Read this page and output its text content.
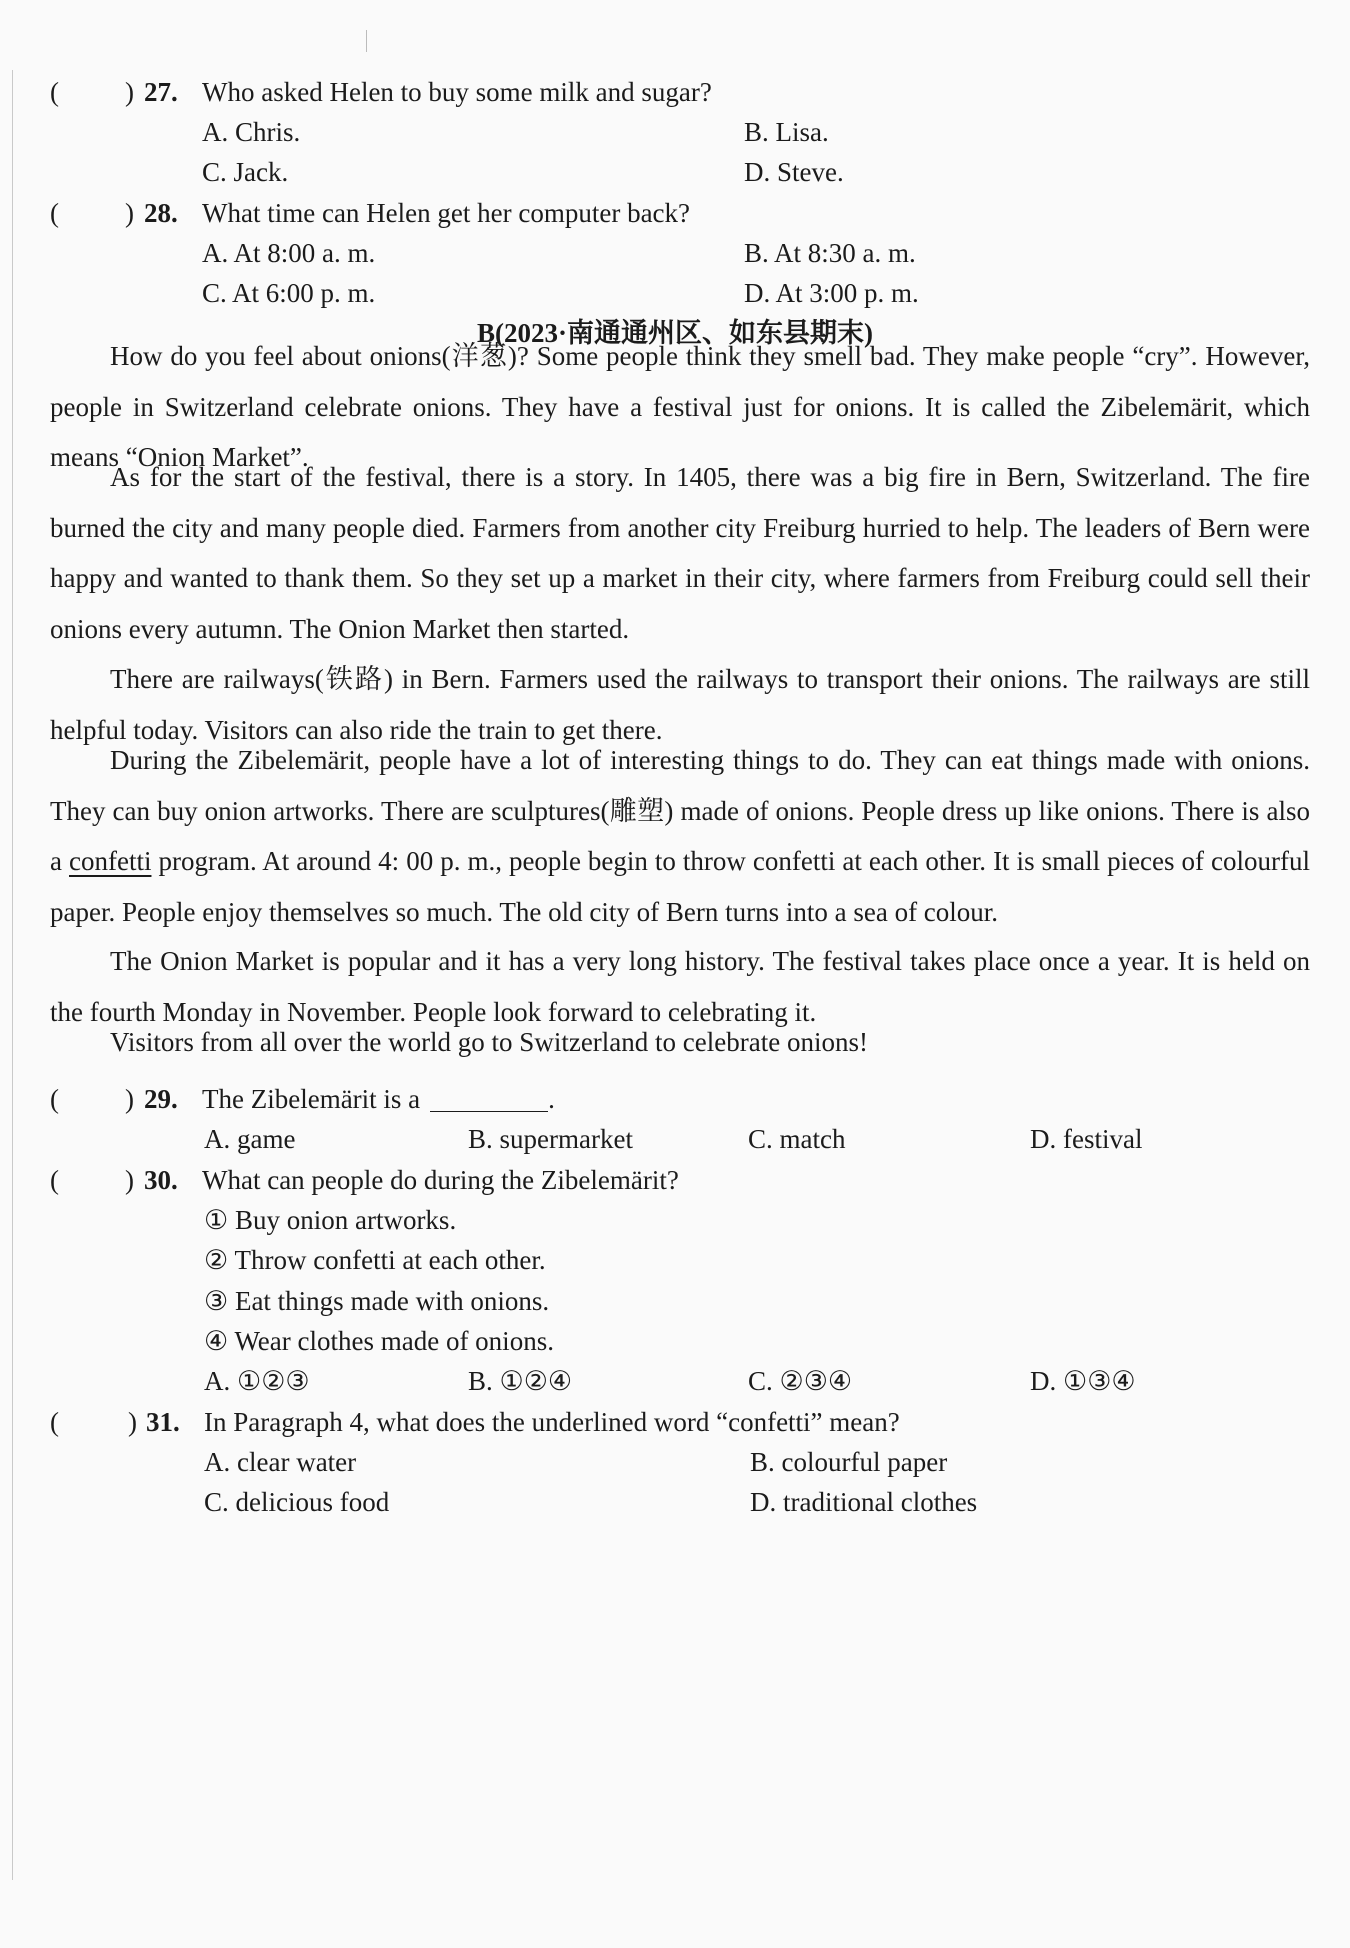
( ) 27. Who asked Helen to buy some milk and sugar?
A. Chris.	B. Lisa.
C. Jack.	D. Steve.
( ) 28. What time can Helen get her computer back?
A. At 8:00 a. m.	B. At 8:30 a. m.
C. At 6:00 p. m.	D. At 3:00 p. m.
B(2023·南通通州区、如东县期末)
How do you feel about onions(洋葱)? Some people think they smell bad. They make people “cry”. However, people in Switzerland celebrate onions. They have a festival just for onions. It is called the Zibelemärit, which means “Onion Market”.
As for the start of the festival, there is a story. In 1405, there was a big fire in Bern, Switzerland. The fire burned the city and many people died. Farmers from another city Freiburg hurried to help. The leaders of Bern were happy and wanted to thank them. So they set up a market in their city, where farmers from Freiburg could sell their onions every autumn. The Onion Market then started.
There are railways(铁路) in Bern. Farmers used the railways to transport their onions. The railways are still helpful today. Visitors can also ride the train to get there.
During the Zibelemärit, people have a lot of interesting things to do. They can eat things made with onions. They can buy onion artworks. There are sculptures(雕塑) made of onions. People dress up like onions. There is also a confetti program. At around 4: 00 p. m., people begin to throw confetti at each other. It is small pieces of colourful paper. People enjoy themselves so much. The old city of Bern turns into a sea of colour.
The Onion Market is popular and it has a very long history. The festival takes place once a year. It is held on the fourth Monday in November. People look forward to celebrating it.
Visitors from all over the world go to Switzerland to celebrate onions!
( ) 29. The Zibelemärit is a	.
A. game	B. supermarket	C. match	D. festival
( ) 30. What can people do during the Zibelemärit?
① Buy onion artworks.
② Throw confetti at each other.
③ Eat things made with onions.
④ Wear clothes made of onions.
A. ①②③	B. ①②④	C. ②③④	D. ①③④
(	) 31. In Paragraph 4, what does the underlined word “confetti” mean?
A. clear water	B. colourful paper
C. delicious food	D. traditional clothes
